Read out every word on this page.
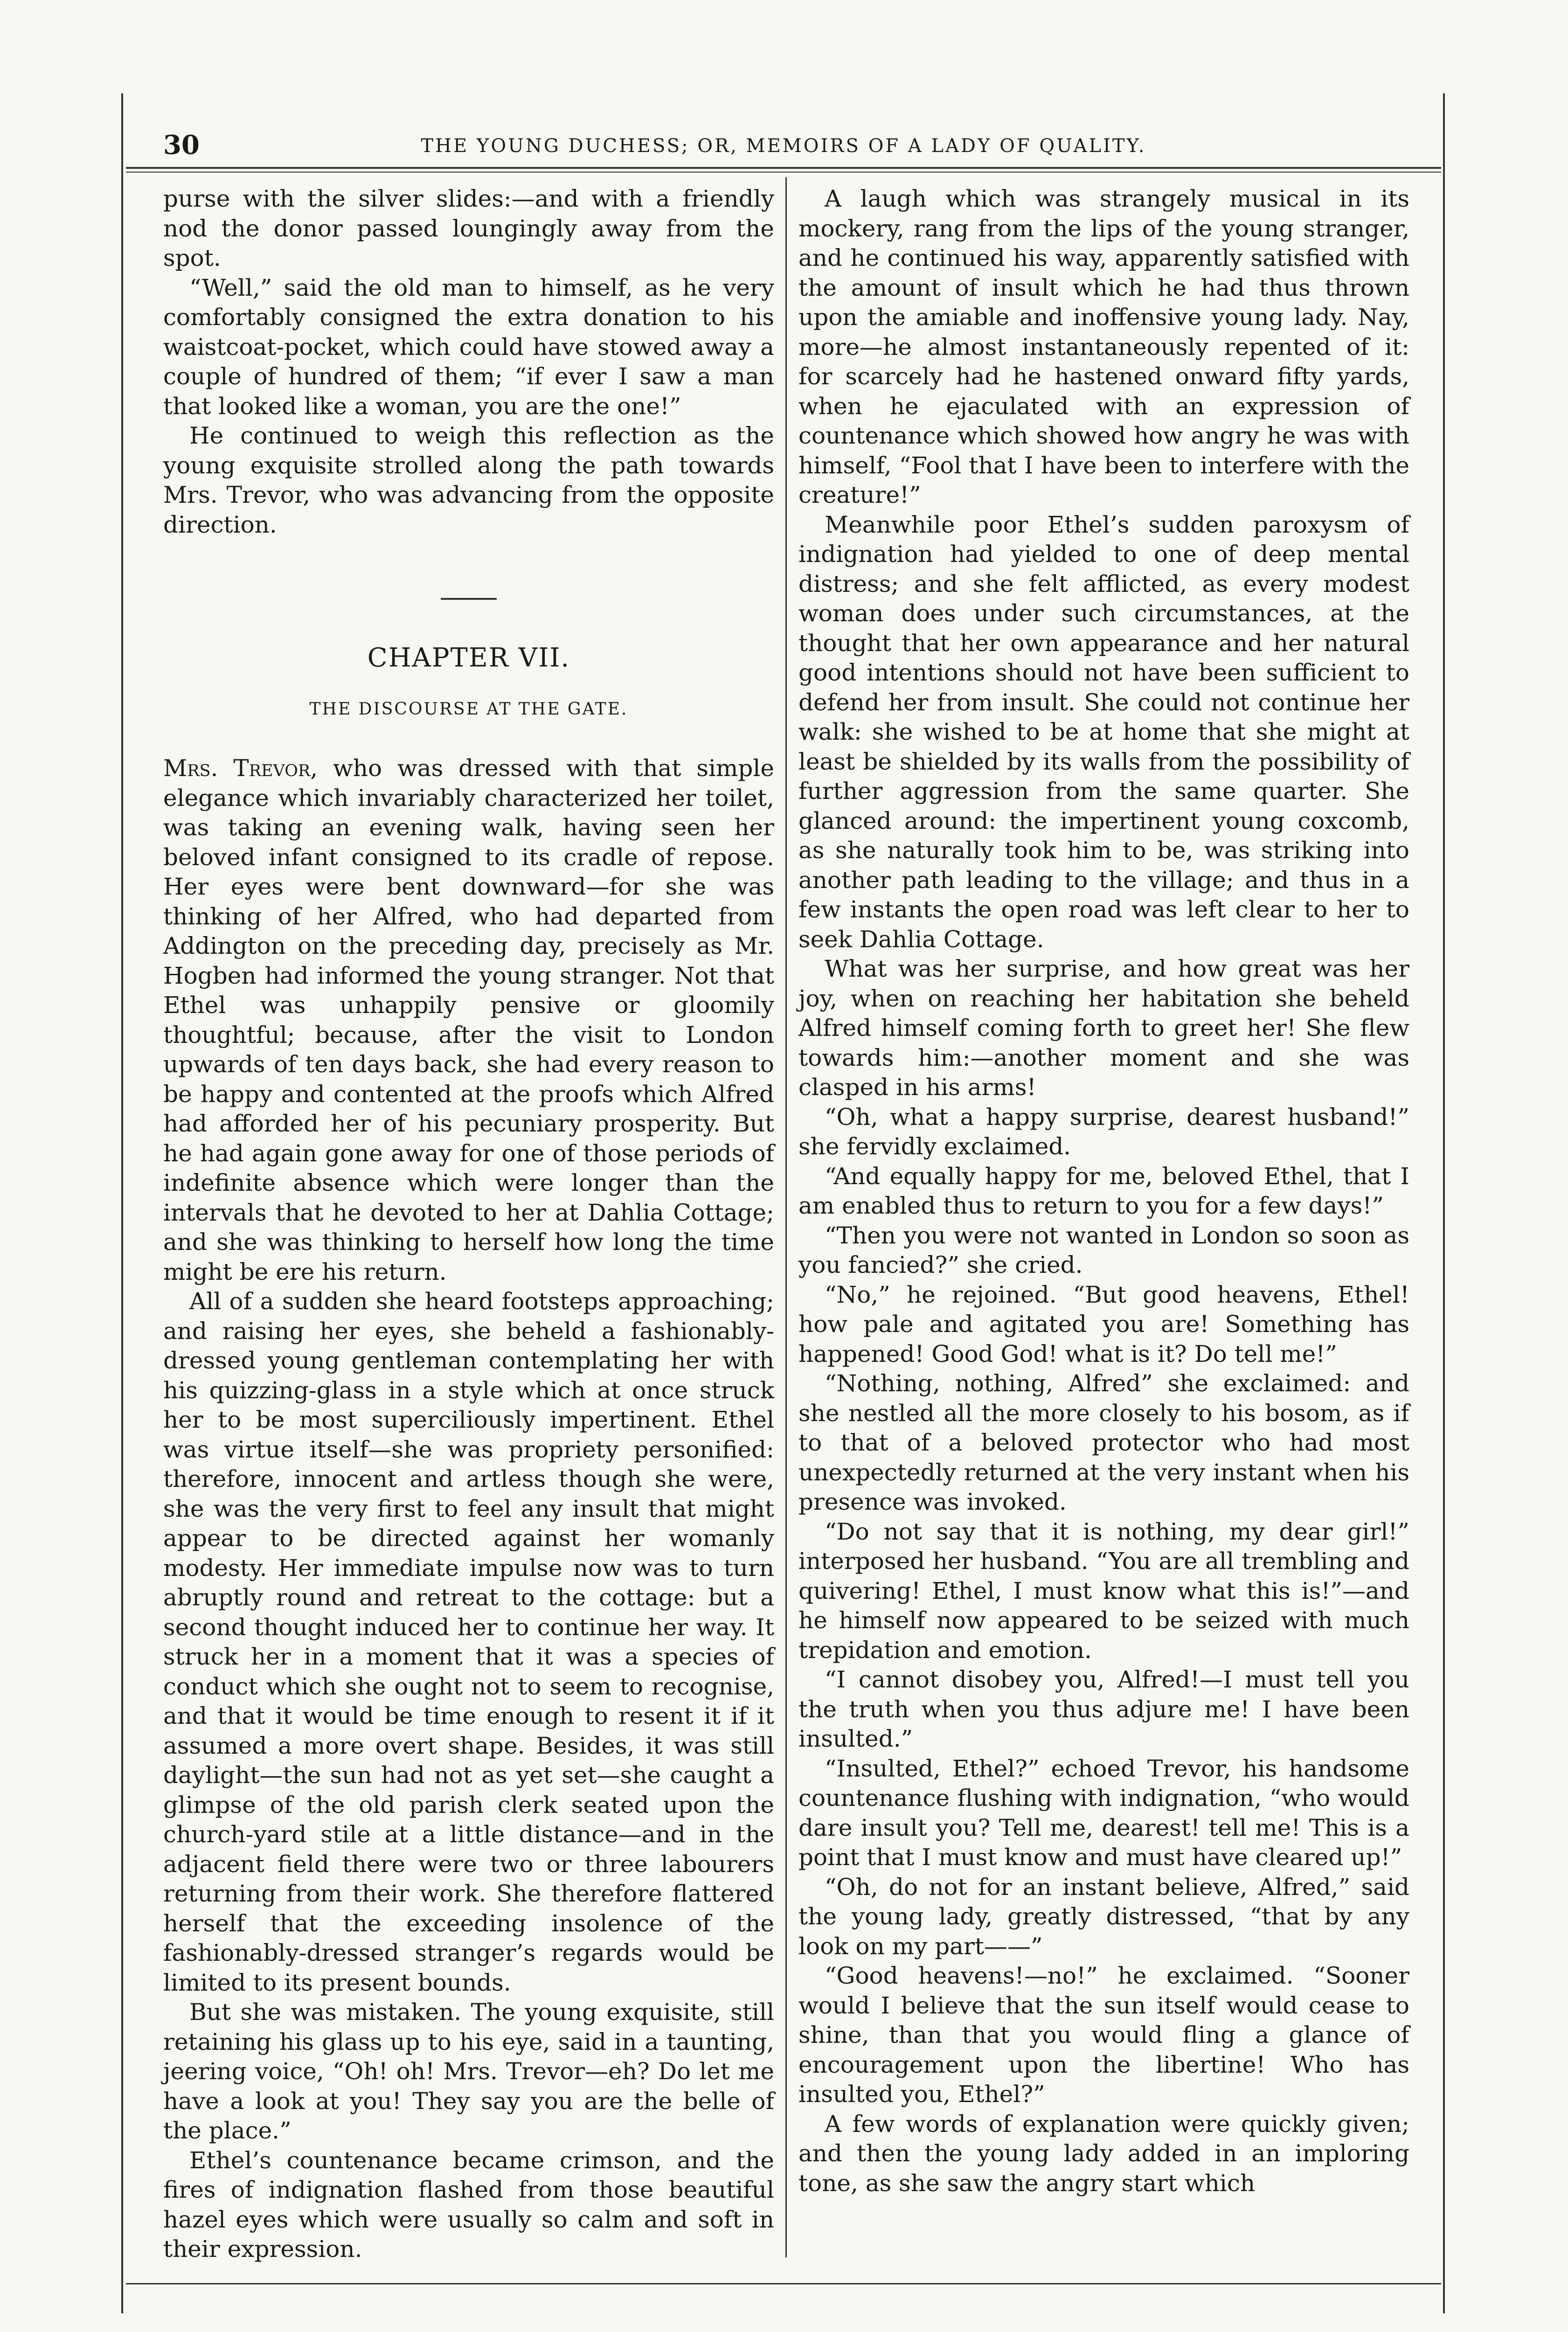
30	THE YOUNG DUCHESS; OR, MEMOIRS OF A LADY OF QUALITY.

purse with the silver slides:—and with a friendly nod the donor passed loungingly away from the spot.

“Well,” said the old man to himself, as he very comfortably consigned the extra donation to his waistcoat-pocket, which could have stowed away a couple of hundred of them; “if ever I saw a man that looked like a woman, you are the one!”

He continued to weigh this reflection as the young exquisite strolled along the path towards Mrs. Trevor, who was advancing from the opposite direction.

CHAPTER VII.
THE DISCOURSE AT THE GATE.

Mrs. Trevor, who was dressed with that simple elegance which invariably characterized her toilet, was taking an evening walk, having seen her beloved infant consigned to its cradle of repose. Her eyes were bent downward—for she was thinking of her Alfred, who had departed from Addington on the preceding day, precisely as Mr. Hogben had informed the young stranger. Not that Ethel was unhappily pensive or gloomily thoughtful; because, after the visit to London upwards of ten days back, she had every reason to be happy and contented at the proofs which Alfred had afforded her of his pecuniary prosperity. But he had again gone away for one of those periods of indefinite absence which were longer than the intervals that he devoted to her at Dahlia Cottage; and she was thinking to herself how long the time might be ere his return.

All of a sudden she heard footsteps approaching; and raising her eyes, she beheld a fashionably-dressed young gentleman contemplating her with his quizzing-glass in a style which at once struck her to be most superciliously impertinent. Ethel was virtue itself—she was propriety personified: therefore, innocent and artless though she were, she was the very first to feel any insult that might appear to be directed against her womanly modesty. Her immediate impulse now was to turn abruptly round and retreat to the cottage: but a second thought induced her to continue her way. It struck her in a moment that it was a species of conduct which she ought not to seem to recognise, and that it would be time enough to resent it if it assumed a more overt shape. Besides, it was still daylight—the sun had not as yet set—she caught a glimpse of the old parish clerk seated upon the church-yard stile at a little distance—and in the adjacent field there were two or three labourers returning from their work. She therefore flattered herself that the exceeding insolence of the fashionably-dressed stranger’s regards would be limited to its present bounds.

But she was mistaken. The young exquisite, still retaining his glass up to his eye, said in a taunting, jeering voice, “Oh! oh! Mrs. Trevor—eh? Do let me have a look at you! They say you are the belle of the place.”

Ethel’s countenance became crimson, and the fires of indignation flashed from those beautiful hazel eyes which were usually so calm and soft in their expression.

A laugh which was strangely musical in its mockery, rang from the lips of the young stranger, and he continued his way, apparently satisfied with the amount of insult which he had thus thrown upon the amiable and inoffensive young lady. Nay, more—he almost instantaneously repented of it: for scarcely had he hastened onward fifty yards, when he ejaculated with an expression of countenance which showed how angry he was with himself, “Fool that I have been to interfere with the creature!”

Meanwhile poor Ethel’s sudden paroxysm of indignation had yielded to one of deep mental distress; and she felt afflicted, as every modest woman does under such circumstances, at the thought that her own appearance and her natural good intentions should not have been sufficient to defend her from insult. She could not continue her walk: she wished to be at home that she might at least be shielded by its walls from the possibility of further aggression from the same quarter. She glanced around: the impertinent young coxcomb, as she naturally took him to be, was striking into another path leading to the village; and thus in a few instants the open road was left clear to her to seek Dahlia Cottage.

What was her surprise, and how great was her joy, when on reaching her habitation she beheld Alfred himself coming forth to greet her! She flew towards him:—another moment and she was clasped in his arms!

“Oh, what a happy surprise, dearest husband!” she fervidly exclaimed.

“And equally happy for me, beloved Ethel, that I am enabled thus to return to you for a few days!”

“Then you were not wanted in London so soon as you fancied?” she cried.

“No,” he rejoined. “But good heavens, Ethel! how pale and agitated you are! Something has happened! Good God! what is it? Do tell me!”

“Nothing, nothing, Alfred” she exclaimed: and she nestled all the more closely to his bosom, as if to that of a beloved protector who had most unexpectedly returned at the very instant when his presence was invoked.

“Do not say that it is nothing, my dear girl!” interposed her husband. “You are all trembling and quivering! Ethel, I must know what this is!”—and he himself now appeared to be seized with much trepidation and emotion.

“I cannot disobey you, Alfred!—I must tell you the truth when you thus adjure me! I have been insulted.”

“Insulted, Ethel?” echoed Trevor, his handsome countenance flushing with indignation, “who would dare insult you? Tell me, dearest! tell me! This is a point that I must know and must have cleared up!”

“Oh, do not for an instant believe, Alfred,” said the young lady, greatly distressed, “that by any look on my part——”

“Good heavens!—no!” he exclaimed. “Sooner would I believe that the sun itself would cease to shine, than that you would fling a glance of encouragement upon the libertine! Who has insulted you, Ethel?”

A few words of explanation were quickly given; and then the young lady added in an imploring tone, as she saw the angry start which
